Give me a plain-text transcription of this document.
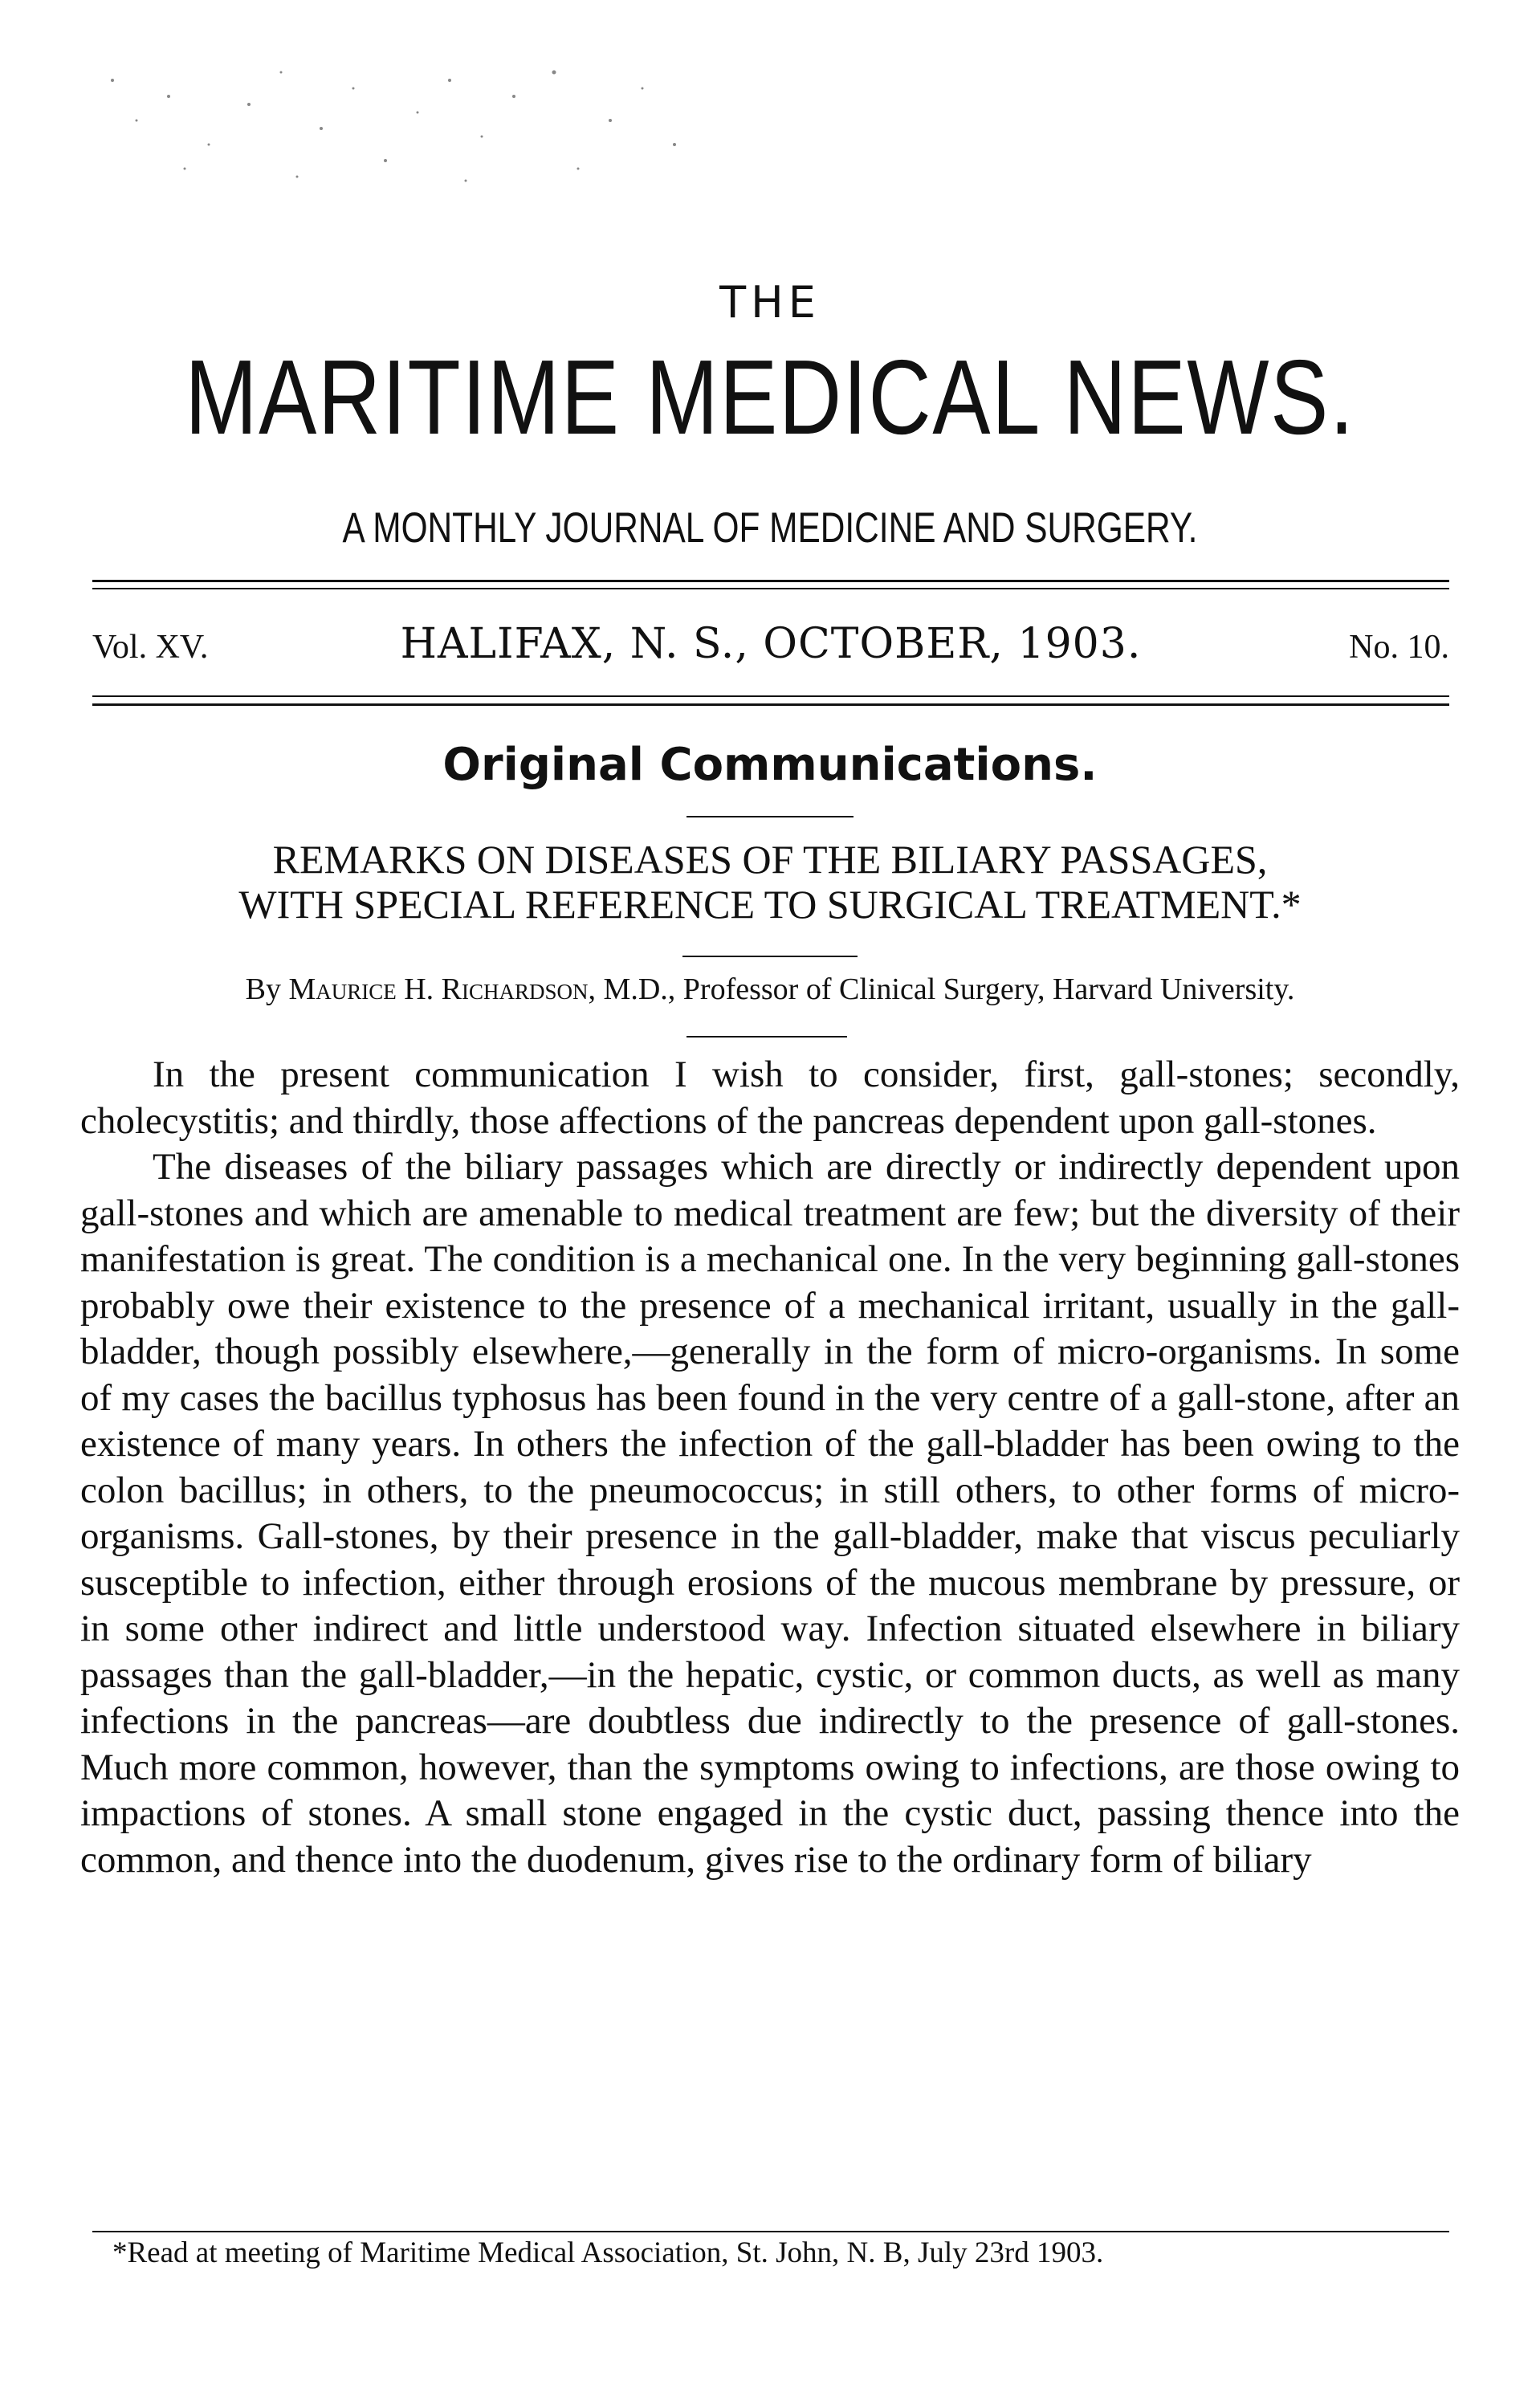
THE
MARITIME MEDICAL NEWS.
A MONTHLY JOURNAL OF MEDICINE AND SURGERY.
Vol. XV.	HALIFAX, N. S., OCTOBER, 1903.	No. 10.
Original Communications.
REMARKS ON DISEASES OF THE BILIARY PASSAGES,
WITH SPECIAL REFERENCE TO SURGICAL TREATMENT.*
By Maurice H. Richardson, M.D., Professor of Clinical Surgery, Harvard University.

In the present communication I wish to consider, first, gall-stones; secondly, cholecystitis; and thirdly, those affections of the pancreas dependent upon gall-stones.

The diseases of the biliary passages which are directly or indirectly dependent upon gall-stones and which are amenable to medical treatment are few; but the diversity of their manifestation is great. The condition is a mechanical one. In the very beginning gall-stones probably owe their existence to the presence of a mechanical irritant, usually in the gall-bladder, though possibly elsewhere,—generally in the form of micro-organisms. In some of my cases the bacillus typhosus has been found in the very centre of a gall-stone, after an existence of many years. In others the infection of the gall-bladder has been owing to the colon bacillus; in others, to the pneumococcus; in still others, to other forms of micro-organisms. Gall-stones, by their presence in the gall-bladder, make that viscus peculiarly susceptible to infection, either through erosions of the mucous membrane by pressure, or in some other indirect and little understood way. Infection situated elsewhere in biliary passages than the gall-bladder,—in the hepatic, cystic, or common ducts, as well as many infections in the pancreas—are doubtless due indirectly to the presence of gall-stones. Much more common, however, than the symptoms owing to infections, are those owing to impactions of stones. A small stone engaged in the cystic duct, passing thence into the common, and thence into the duodenum, gives rise to the ordinary form of biliary

*Read at meeting of Maritime Medical Association, St. John, N. B, July 23rd 1903.
